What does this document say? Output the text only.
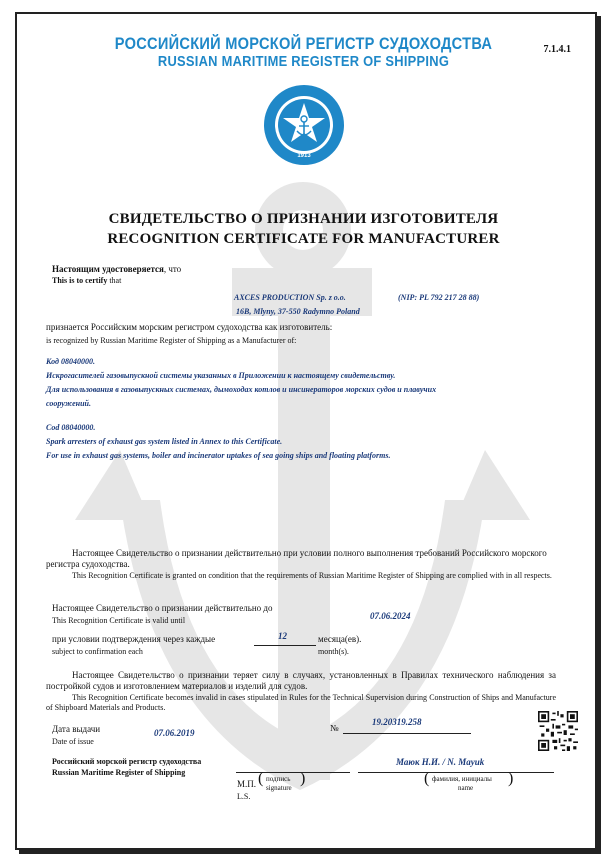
РОССИЙСКИЙ МОРСКОЙ РЕГИСТР СУДОХОДСТВА
RUSSIAN MARITIME REGISTER OF SHIPPING
7.1.4.1
1913
СВИДЕТЕЛЬСТВО О ПРИЗНАНИИ ИЗГОТОВИТЕЛЯ
RECOGNITION CERTIFICATE FOR MANUFACTURER
Настоящим удостоверяется, что
This is to certify that
AXCES PRODUCTION Sp. z o.o.	(NIP: PL 792 217 28 88)
16B, Mlyny, 37-550 Radymno Poland
признается Российским морским регистром судоходства как изготовитель:
is recognized by Russian Maritime Register of Shipping as a Manufacturer of:
Код 08040000.
Искрогасителей газовыпускной системы указанных в Приложении к настоящему свидетельству.
Для использования в газовыпускных системах, дымоходах котлов и инсинераторов морских судов и плавучих
сооружений.
Cod 08040000.
Spark arresters of exhaust gas system listed in Annex to this Certificate.
For use in exhaust gas systems, boiler and incinerator uptakes of sea going ships and floating platforms.
Настоящее Свидетельство о признании действительно при условии полного выполнения требований Российского морского регистра судоходства.
This Recognition Certificate is granted on condition that the requirements of Russian Maritime Register of Shipping are complied with in all respects.
Настоящее Свидетельство о признании действительно до
This Recognition Certificate is valid until	07.06.2024
при условии подтверждения через каждые
subject to confirmation each
12	месяца(ев).
month(s).
Настоящее Свидетельство о признании теряет силу в случаях, установленных в Правилах технического наблюдения за постройкой судов и изготовлением материалов и изделий для судов.
This Recognition Certificate becomes invalid in cases stipulated in Rules for the Technical Supervision during Construction of Ships and Manufacture of Shipboard Materials and Products.
Дата выдачи
Date of issue
07.06.2019	№
19.20319.258
Российский морской регистр судоходства
Russian Maritime Register of Shipping
М.П.
L.S.
( подпись
signature
)
Маюк Н.И. / N. Mayuk
( фамилия, инициалы
name
)
